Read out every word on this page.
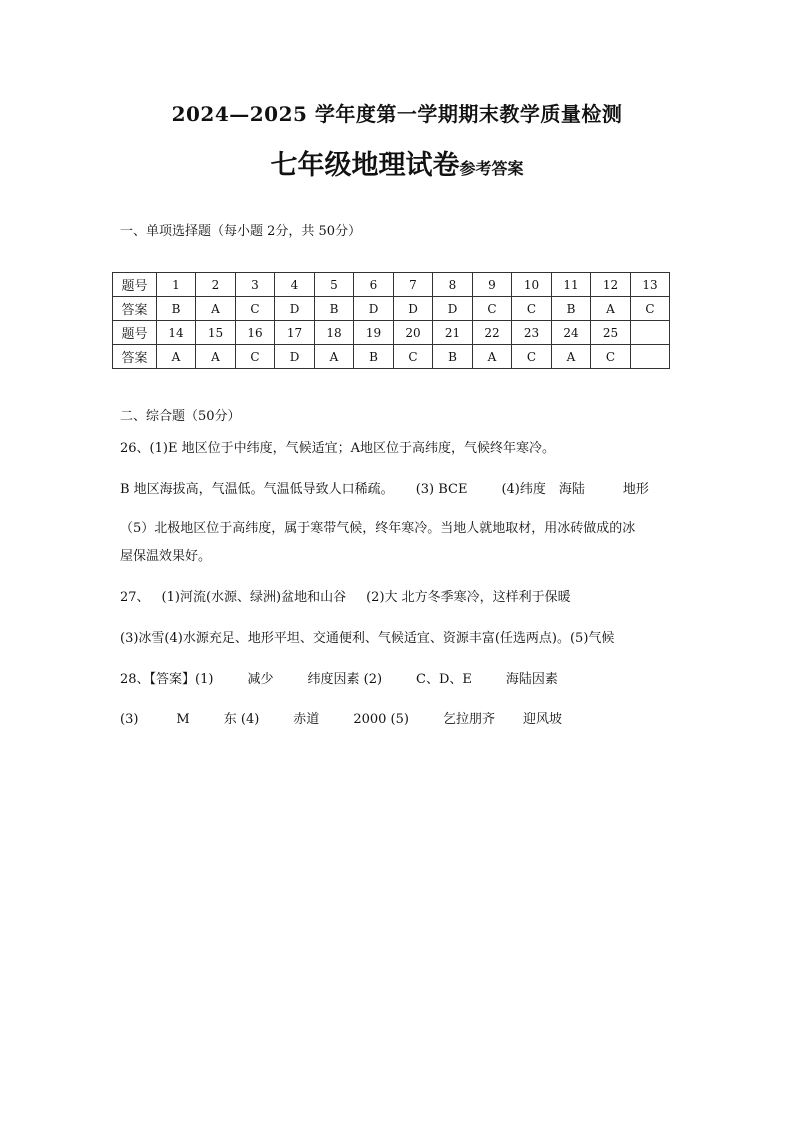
2024—2025 学年度第一学期期末教学质量检测
七年级地理试卷参考答案
一、单项选择题（每小题 2分，共 50分）
题号	1	2	3	4	5	6	7	8	9	10	11	12	13
答案	B	A	C	D	B	D	D	D	C	C	B	A	C
题号	14	15	16	17	18	19	20	21	22	23	24	25	
答案	A	A	C	D	A	B	C	B	A	C	A	C	
二、综合题（50分）
26、(1)E 地区位于中纬度，气候适宜；A地区位于高纬度，气候终年寒冷。
B 地区海拔高，气温低。气温低导致人口稀疏。 (3) BCE	(4)纬度 海陆	地形
（5）北极地区位于高纬度，属于寒带气候，终年寒冷。当地人就地取材，用冰砖做成的冰
屋保温效果好。
27、 (1)河流(水源、绿洲)盆地和山谷 (2)大 北方冬季寒冷，这样利于保暖
(3)冰雪(4)水源充足、地形平坦、交通便利、气候适宜、资源丰富(任选两点)。(5)气候
28、【答案】(1)	减少	纬度因素 (2)	C、D、E	海陆因素
(3)	M	东 (4)	赤道	2000 (5)	乞拉朋齐 迎风坡
